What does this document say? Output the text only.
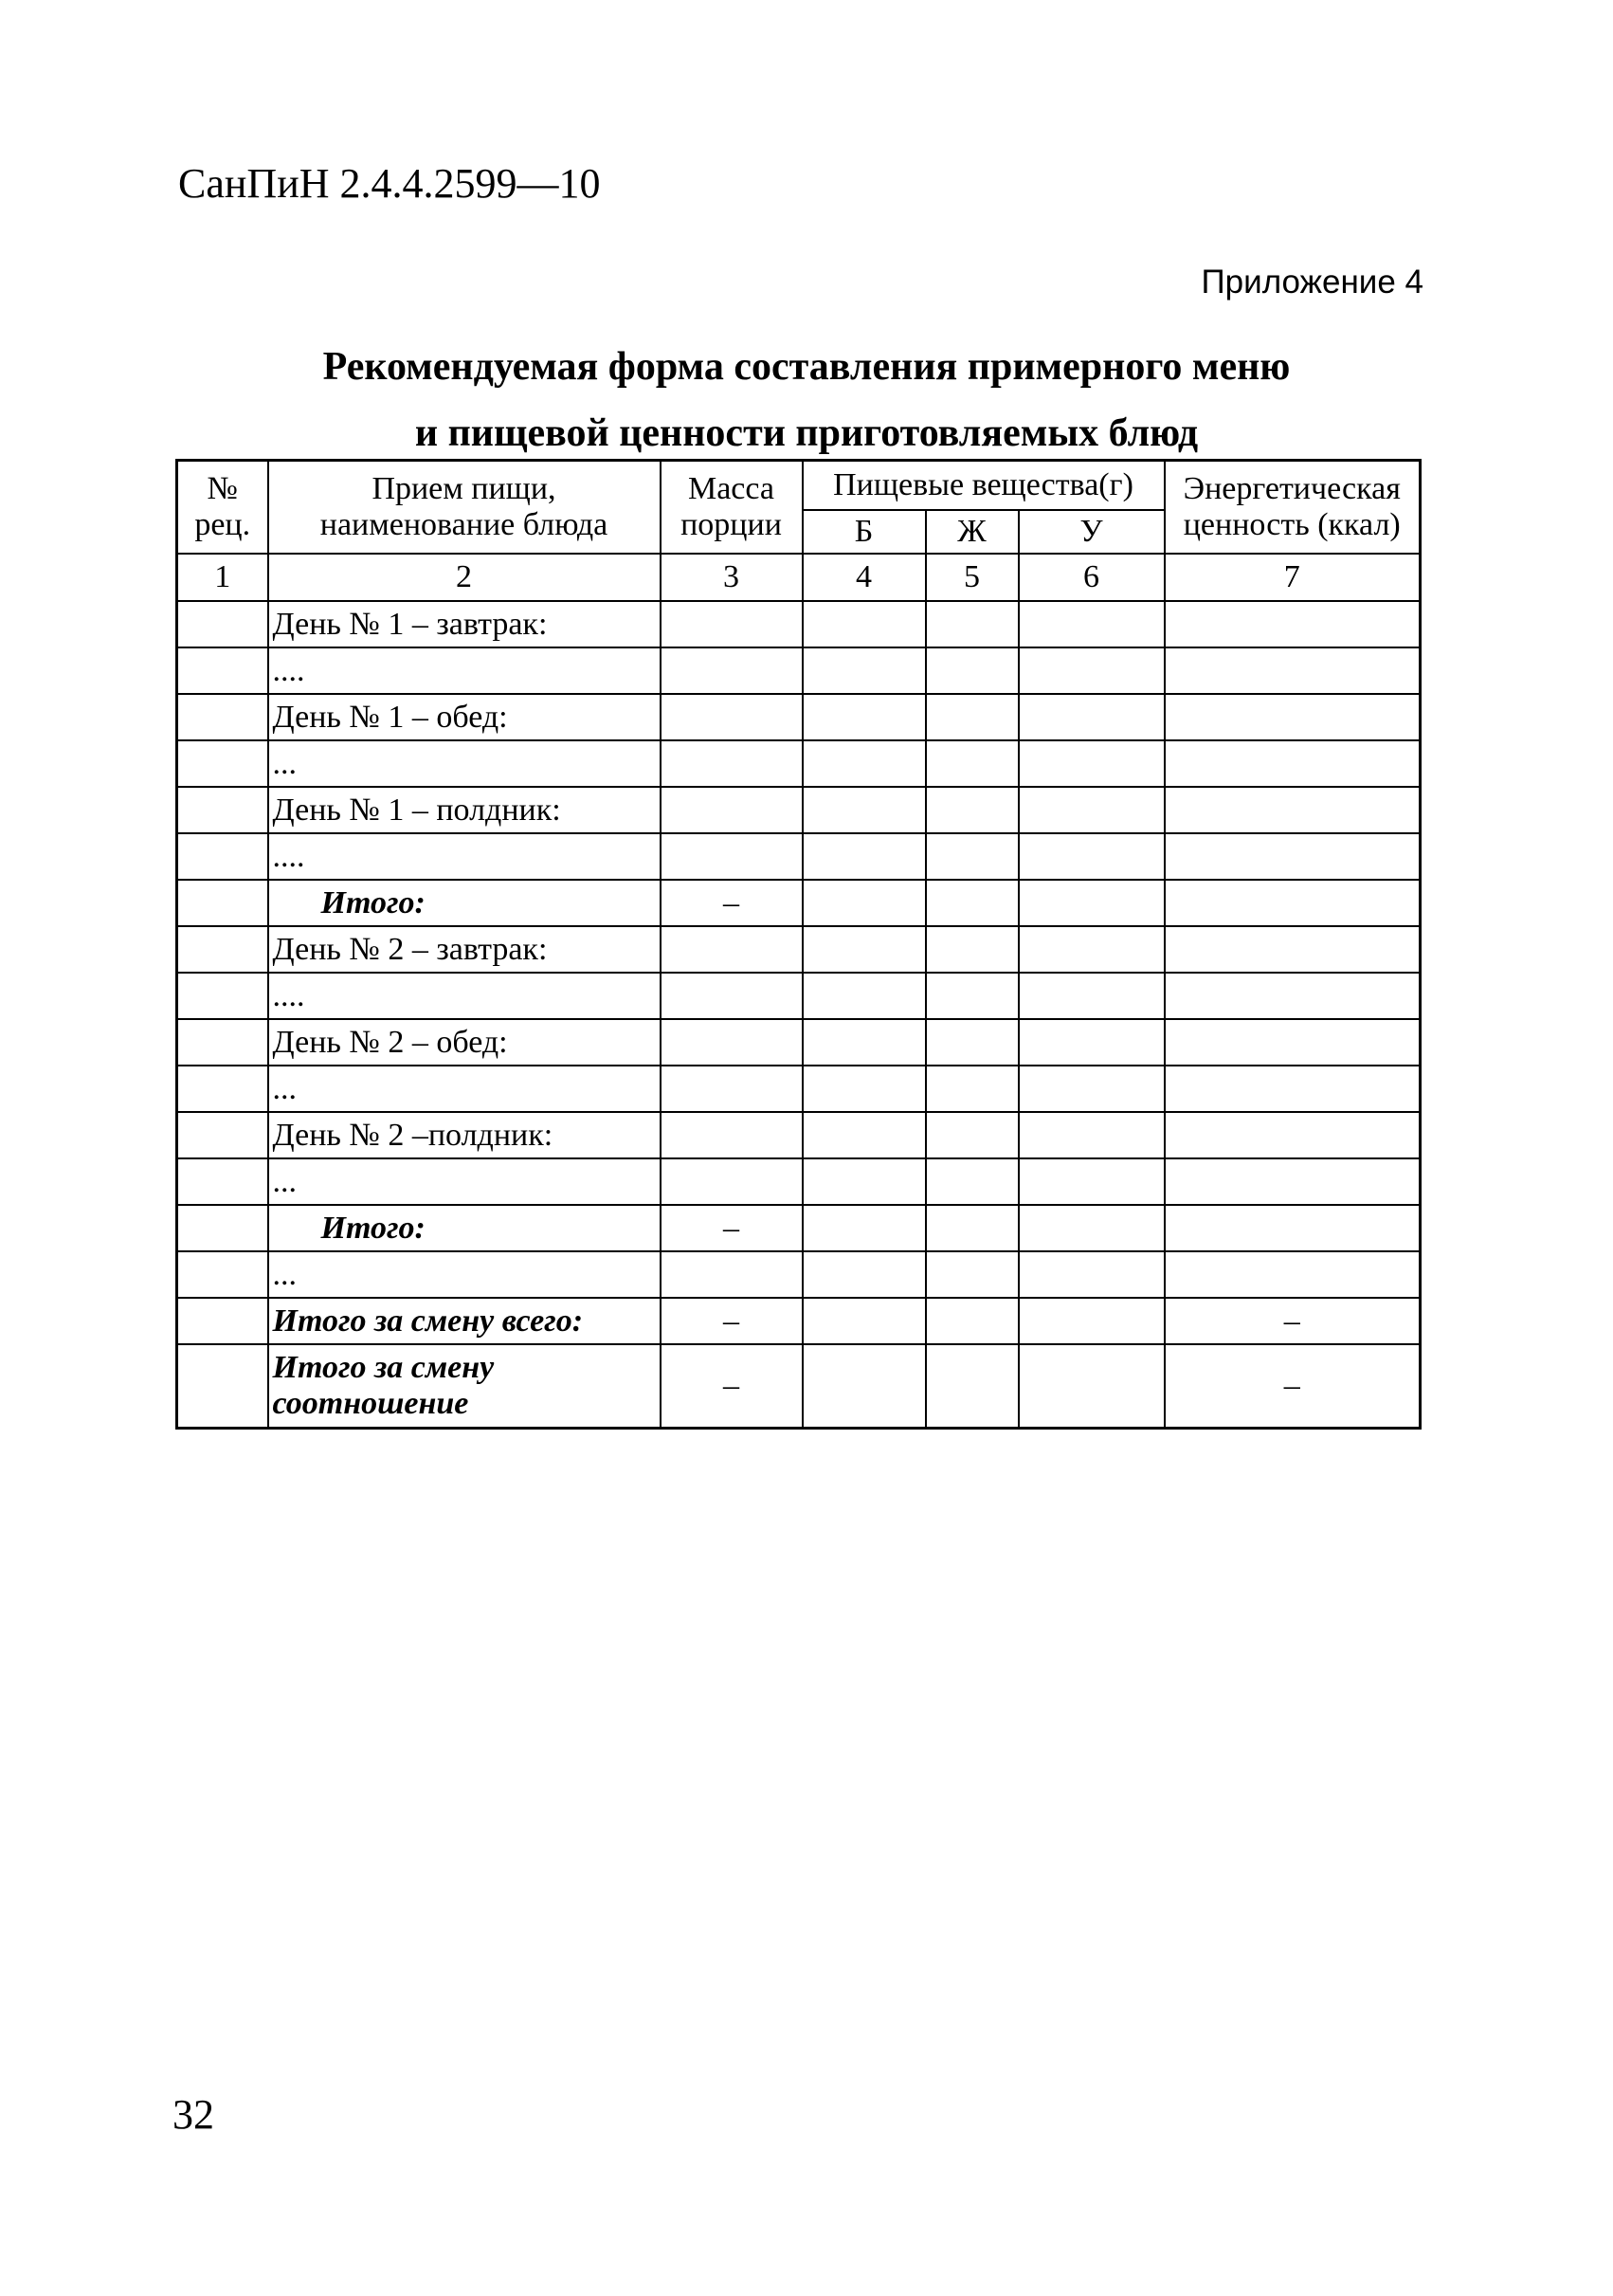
СанПиН 2.4.4.2599—10
Приложение 4
Рекомендуемая форма составления примерного меню
и пищевой ценности приготовляемых блюд
№ рец.	Прием пищи, наименование блюда	Масса порции	Пищевые вещества(г)			Энергетическая ценность (ккал)
			Б	Ж	У	
1	2	3	4	5	6	7
	День № 1 – завтрак:					
	....					
	День № 1 – обед:					
	...					
	День № 1 – полдник:					
	....					
	Итого:	–				
	День № 2 – завтрак:					
	....					
	День № 2 – обед:					
	...					
	День № 2 –полдник:					
	...					
	Итого:	–				
	...					
	Итого за смену всего:	–				–
	Итого за смену соотношение	–				–
32
